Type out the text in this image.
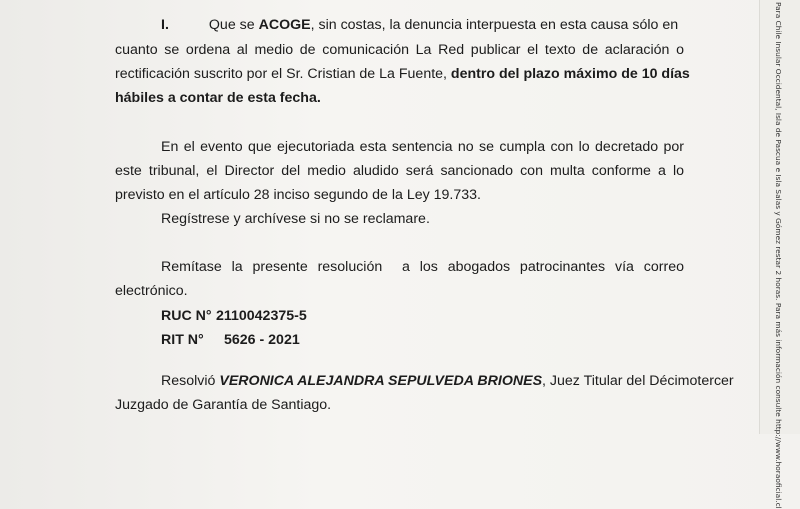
I.	Que se ACOGE, sin costas, la denuncia interpuesta en esta causa sólo en
cuanto se ordena al medio de comunicación La Red publicar el texto de aclaración o
rectificación suscrito por el Sr. Cristian de La Fuente, dentro del plazo máximo de 10 días
hábiles a contar de esta fecha.
En el evento que ejecutoriada esta sentencia no se cumpla con lo decretado por
este tribunal, el Director del medio aludido será sancionado con multa conforme a lo
previsto en el artículo 28 inciso segundo de la Ley 19.733.
Regístrese y archívese si no se reclamare.
Remítase la presente resolución  a los abogados patrocinantes vía correo
electrónico.
RUC N° 2110042375-5
RIT N° 5626 - 2021
Resolvió VERONICA ALEJANDRA SEPULVEDA BRIONES, Juez Titular del Décimotercer
Juzgado de Garantía de Santiago.	Para Chile Insular Occidental, Isla de Pascua e Isla Salas y Gómez restar 2 horas. Para más información consulte http://www.horaoficial.cl
